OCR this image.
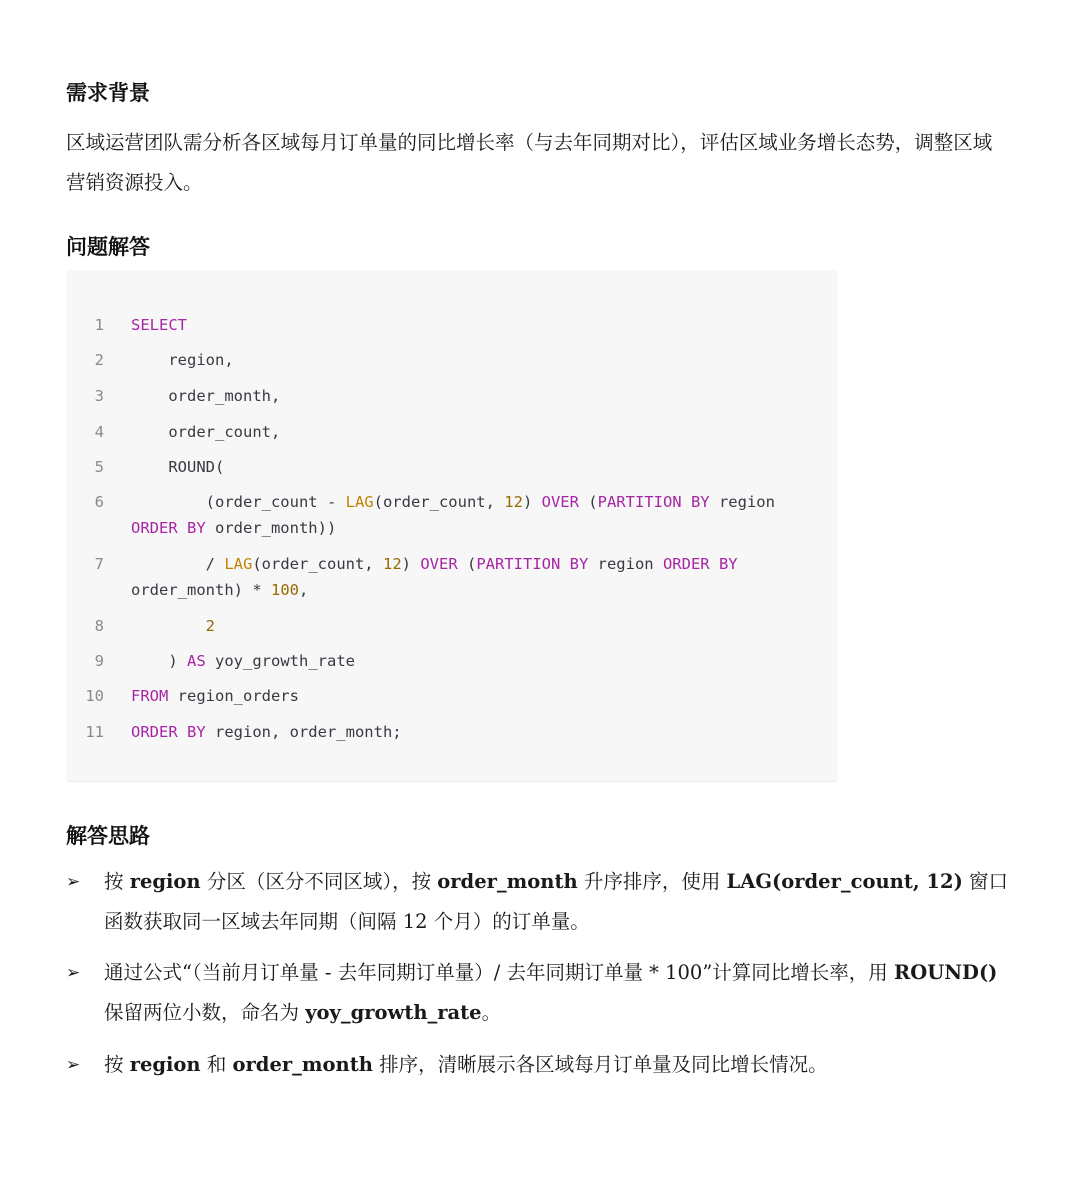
需求背景

区域运营团队需分析各区域每月订单量的同比增长率（与去年同期对比），评估区域业务增长态势，调整区域营销资源投入。

问题解答
1 SELECT
2 region,
3 order_month,
4 order_count,
5 ROUND(
6 (order_count - LAG(order_count, 12) OVER (PARTITION BY region ORDER BY order_month))
7 / LAG(order_count, 12) OVER (PARTITION BY region ORDER BY order_month) * 100,
8 2
9 ) AS yoy_growth_rate
10 FROM region_orders
11 ORDER BY region, order_month;
解答思路
➢ 按 region 分区（区分不同区域），按 order_month 升序排序，使用 LAG(order_count, 12) 窗口函数获取同一区域去年同期（间隔 12 个月）的订单量。
➢ 通过公式“（当前月订单量 - 去年同期订单量）/ 去年同期订单量 * 100”计算同比增长率，用 ROUND() 保留两位小数，命名为 yoy_growth_rate。
➢ 按 region 和 order_month 排序，清晰展示各区域每月订单量及同比增长情况。
